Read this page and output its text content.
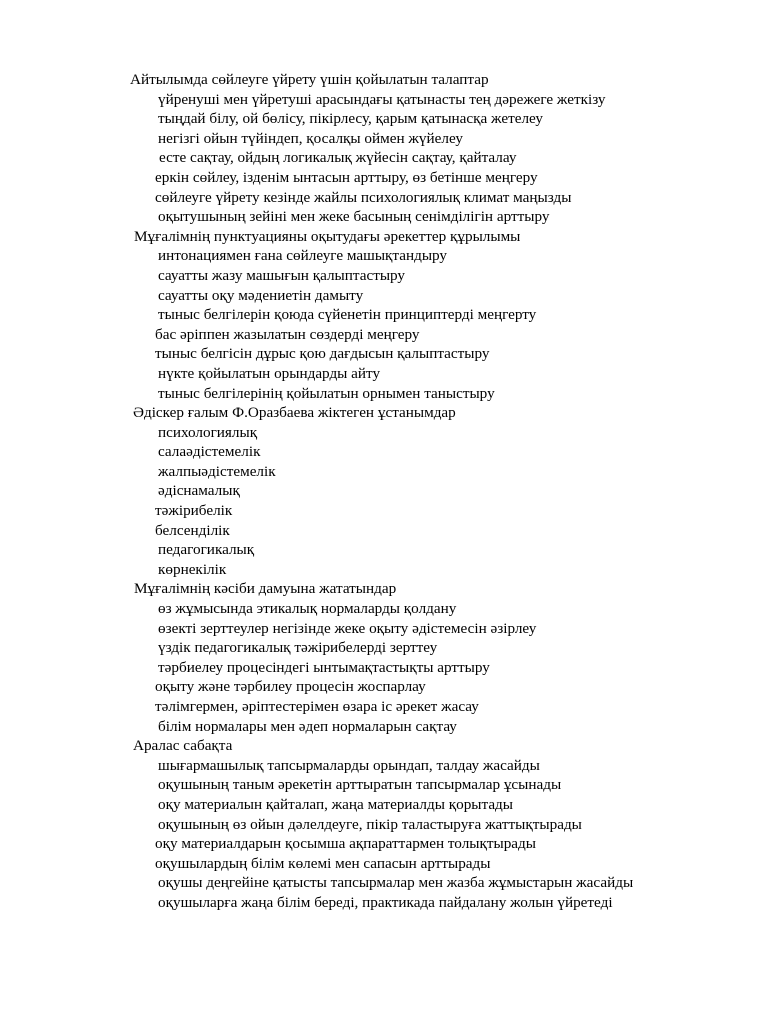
Айтылымда сөйлеуге үйрету үшін қойылатын талаптар

үйренуші мен үйретуші арасындағы қатынасты тең дәрежеге жеткізу

тыңдай білу, ой бөлісу, пікірлесу, қарым қатынасқа жетелеу

негізгі ойын түйіндеп, қосалқы оймен жүйелеу

есте сақтау, ойдың логикалық жүйесін сақтау, қайталау

еркін сөйлеу, ізденім ынтасын арттыру, өз бетінше меңгеру

сөйлеуге үйрету кезінде жайлы психологиялық климат маңызды

оқытушының зейіні мен жеке басының сенімділігін арттыру

Мұғалімнің пунктуацияны оқытудағы әрекеттер құрылымы

интонациямен ғана сөйлеуге машықтандыру

сауатты жазу машығын қалыптастыру

сауатты оқу мәдениетін дамыту

тыныс белгілерін қоюда сүйенетін принциптерді меңгерту

бас әріппен жазылатын сөздерді меңгеру

тыныс белгісін дұрыс қою дағдысын қалыптастыру

нүкте қойылатын орындарды айту

тыныс белгілерінің қойылатын орнымен таныстыру

Әдіскер ғалым Ф.Оразбаева жіктеген ұстанымдар

психологиялық

салаәдістемелік

жалпыәдістемелік

әдіснамалық

тәжірибелік

белсенділік

педагогикалық

көрнекілік

Мұғалімнің кәсіби дамуына жататындар

өз жұмысында этикалық нормаларды қолдану

өзекті зерттеулер негізінде жеке оқыту әдістемесін әзірлеу

үздік педагогикалық тәжірибелерді зерттеу

тәрбиелеу процесіндегі ынтымақтастықты арттыру

оқыту және тәрбилеу процесін жоспарлау

тәлімгермен, әріптестерімен өзара іс әрекет жасау

білім нормалары мен әдеп нормаларын сақтау

Аралас сабақта

шығармашылық тапсырмаларды орындап, талдау жасайды

оқушының таным әрекетін арттыратын тапсырмалар ұсынады

оқу материалын қайталап, жаңа материалды қорытады

оқушының өз ойын дәлелдеуге, пікір таластыруға жаттықтырады

оқу материалдарын қосымша ақпараттармен толықтырады

оқушылардың білім көлемі мен сапасын арттырады

оқушы деңгейіне қатысты тапсырмалар мен жазба жұмыстарын жасайды

оқушыларға жаңа білім береді, практикада пайдалану жолын үйретеді
